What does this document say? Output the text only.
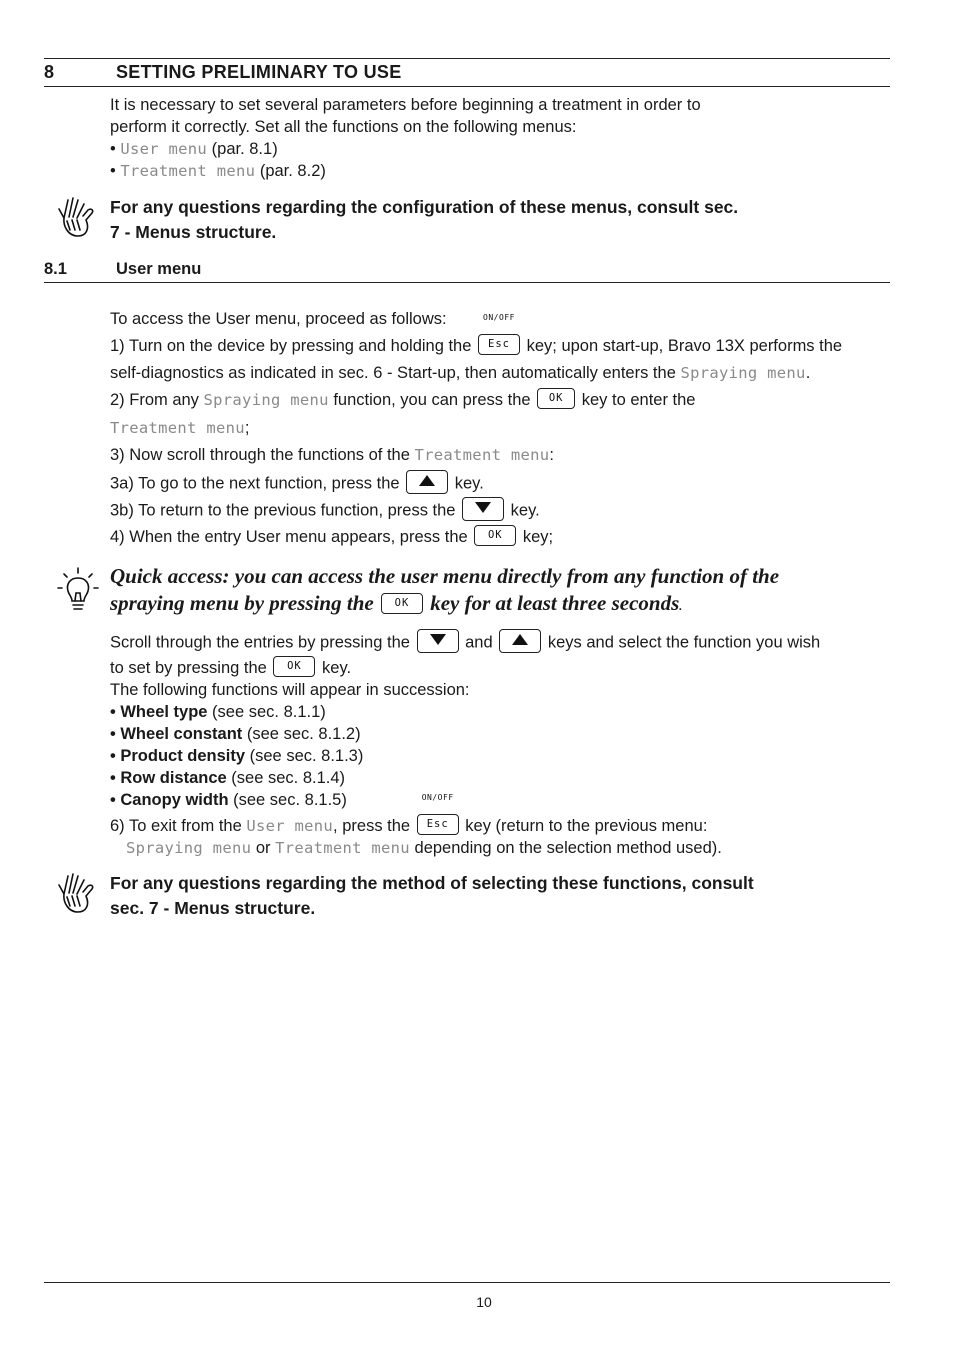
8	SETTING PRELIMINARY TO USE
It is necessary to set several parameters before beginning a treatment in order to
perform it correctly. Set all the functions on the following menus:
• User menu (par. 8.1)
• Treatment menu (par. 8.2)
For any questions regarding the configuration of these menus, consult sec.
7 - Menus structure.
8.1	User menu
To access the User menu, proceed as follows:
1) Turn on the device by pressing and holding the
ON/OFF
Esc key; upon start-up, Bravo 13X performs the
self-diagnostics as indicated in sec. 6 - Start-up, then automatically enters the Spraying menu.
2) From any Spraying menu function, you can press the OK key to enter the
Treatment menu;
3) Now scroll through the functions of the Treatment menu:
3a) To go to the next function, press the	key.
3b) To return to the previous function, press the	key.
4) When the entry User menu appears, press the OK key;
Quick access: you can access the user menu directly from any function of the
spraying menu by pressing the OK key for at least three seconds.
Scroll through the entries by pressing the	and	keys and select the function you wish
to set by pressing the OK key.
The following functions will appear in succession:
• Wheel type (see sec. 8.1.1)
• Wheel constant (see sec. 8.1.2)
• Product density (see sec. 8.1.3)
• Row distance (see sec. 8.1.4)
• Canopy width (see sec. 8.1.5)
6) To exit from the User menu, press the
ON/OFF
Esc key (return to the previous menu:
Spraying menu or Treatment menu depending on the selection method used).
For any questions regarding the method of selecting these functions, consult
sec. 7 - Menus structure.
10
